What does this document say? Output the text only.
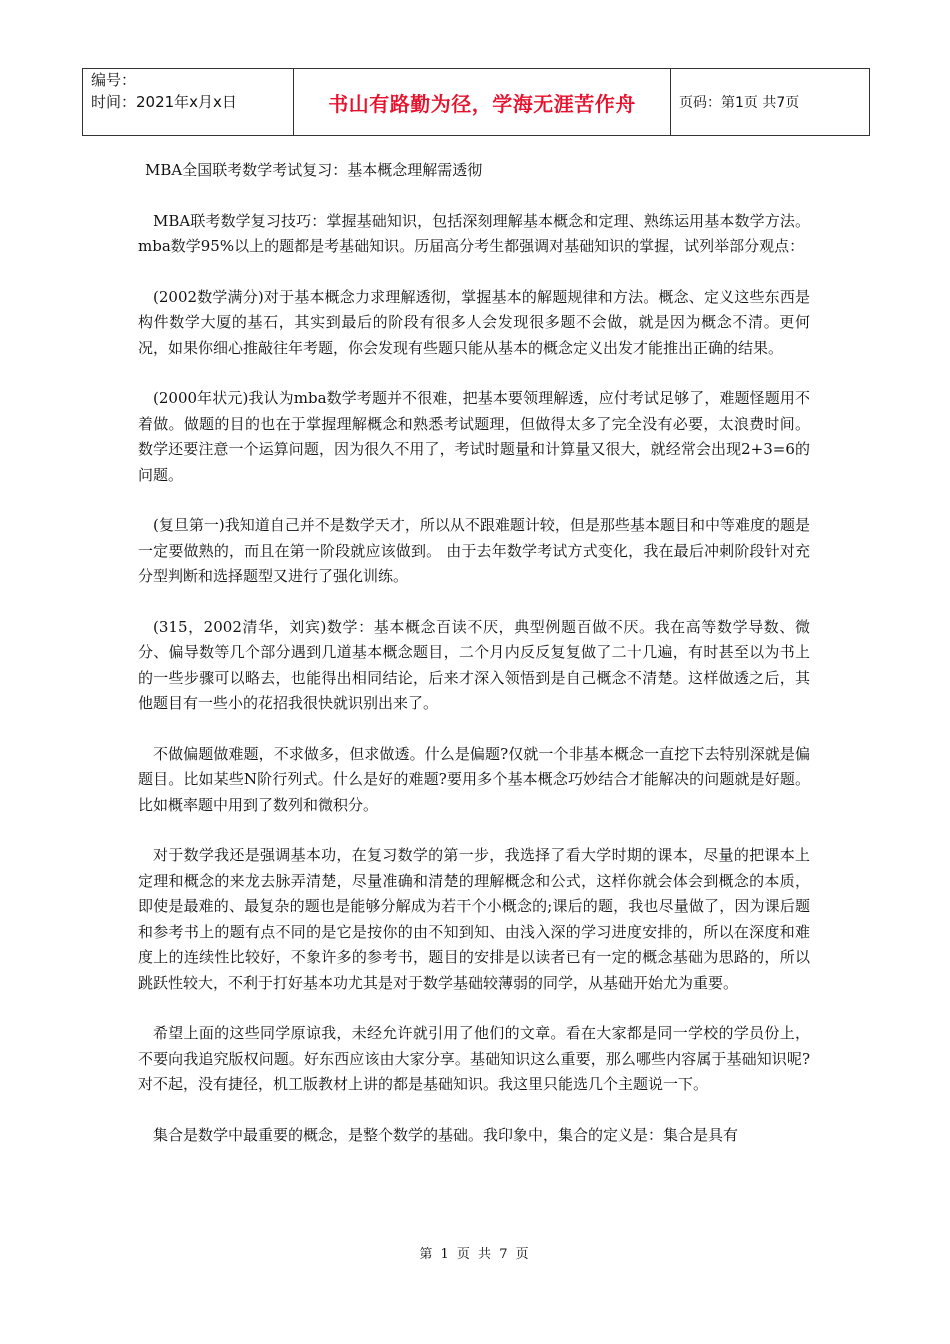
编号：
时间：2021年x月x日	书山有路勤为径，学海无涯苦作舟	页码：第1页 共7页
MBA全国联考数学考试复习：基本概念理解需透彻

MBA联考数学复习技巧：掌握基础知识，包括深刻理解基本概念和定理、熟练运用基本数学方法。mba数学95%以上的题都是考基础知识。历届高分考生都强调对基础知识的掌握，试列举部分观点：

(2002数学满分)对于基本概念力求理解透彻，掌握基本的解题规律和方法。概念、定义这些东西是构件数学大厦的基石，其实到最后的阶段有很多人会发现很多题不会做，就是因为概念不清。更何况，如果你细心推敲往年考题，你会发现有些题只能从基本的概念定义出发才能推出正确的结果。

(2000年状元)我认为mba数学考题并不很难，把基本要领理解透，应付考试足够了，难题怪题用不着做。做题的目的也在于掌握理解概念和熟悉考试题理，但做得太多了完全没有必要，太浪费时间。数学还要注意一个运算问题，因为很久不用了，考试时题量和计算量又很大，就经常会出现2+3=6的问题。

(复旦第一)我知道自己并不是数学天才，所以从不跟难题计较，但是那些基本题目和中等难度的题是一定要做熟的，而且在第一阶段就应该做到。 由于去年数学考试方式变化，我在最后冲刺阶段针对充分型判断和选择题型又进行了强化训练。

(315，2002清华，刘宾)数学：基本概念百读不厌，典型例题百做不厌。我在高等数学导数、微分、偏导数等几个部分遇到几道基本概念题目，二个月内反反复复做了二十几遍，有时甚至以为书上的一些步骤可以略去，也能得出相同结论，后来才深入领悟到是自己概念不清楚。这样做透之后，其他题目有一些小的花招我很快就识别出来了。

不做偏题做难题，不求做多，但求做透。什么是偏题?仅就一个非基本概念一直挖下去特别深就是偏题目。比如某些N阶行列式。什么是好的难题?要用多个基本概念巧妙结合才能解决的问题就是好题。比如概率题中用到了数列和微积分。

对于数学我还是强调基本功，在复习数学的第一步，我选择了看大学时期的课本，尽量的把课本上定理和概念的来龙去脉弄清楚，尽量准确和清楚的理解概念和公式，这样你就会体会到概念的本质，即使是最难的、最复杂的题也是能够分解成为若干个小概念的;课后的题，我也尽量做了，因为课后题和参考书上的题有点不同的是它是按你的由不知到知、由浅入深的学习进度安排的，所以在深度和难度上的连续性比较好，不象许多的参考书，题目的安排是以读者已有一定的概念基础为思路的，所以跳跃性较大，不利于打好基本功尤其是对于数学基础较薄弱的同学，从基础开始尤为重要。

希望上面的这些同学原谅我，未经允许就引用了他们的文章。看在大家都是同一学校的学员份上，不要向我追究版权问题。好东西应该由大家分享。基础知识这么重要，那么哪些内容属于基础知识呢? 对不起，没有捷径，机工版教材上讲的都是基础知识。我这里只能选几个主题说一下。

集合是数学中最重要的概念，是整个数学的基础。我印象中，集合的定义是：集合是具有

第 1 页 共 7 页
